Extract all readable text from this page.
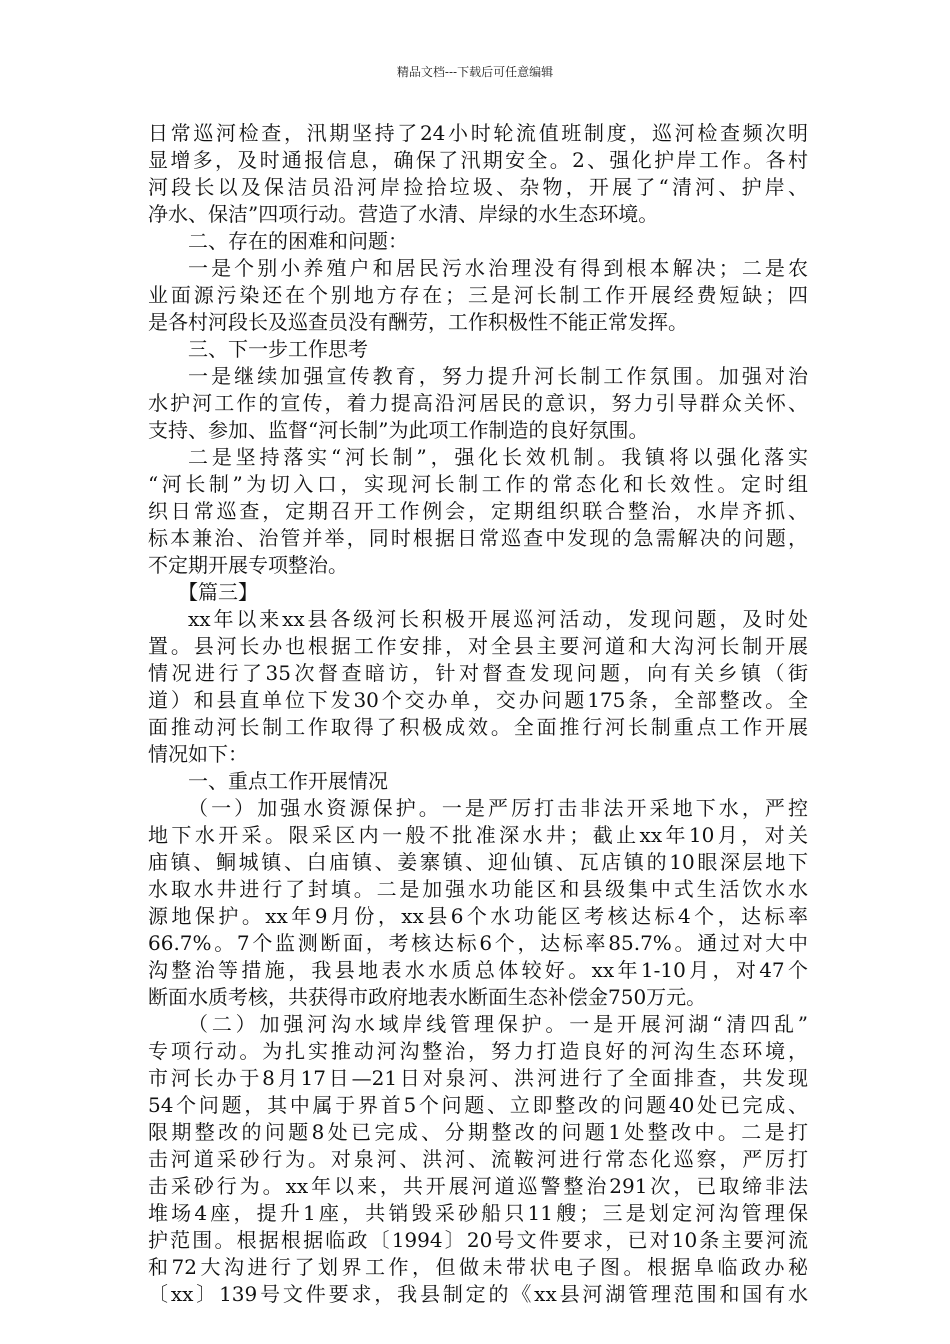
精品文档---下载后可任意编辑
日常巡河检查，汛期坚持了24小时轮流值班制度，巡河检查频次明
显增多，及时通报信息，确保了汛期安全。2、强化护岸工作。各村
河段长以及保洁员沿河岸捡拾垃圾、杂物，开展了“清河、护岸、
净水、保洁”四项行动。营造了水清、岸绿的水生态环境。
二、存在的困难和问题：
一是个别小养殖户和居民污水治理没有得到根本解决；二是农
业面源污染还在个别地方存在；三是河长制工作开展经费短缺；四
是各村河段长及巡查员没有酬劳，工作积极性不能正常发挥。
三、下一步工作思考
一是继续加强宣传教育，努力提升河长制工作氛围。加强对治
水护河工作的宣传，着力提高沿河居民的意识，努力引导群众关怀、
支持、参加、监督“河长制”为此项工作制造的良好氛围。
二是坚持落实“河长制”，强化长效机制。我镇将以强化落实
“河长制”为切入口，实现河长制工作的常态化和长效性。定时组
织日常巡查，定期召开工作例会，定期组织联合整治，水岸齐抓、
标本兼治、治管并举，同时根据日常巡查中发现的急需解决的问题，
不定期开展专项整治。
【篇三】
xx年以来xx县各级河长积极开展巡河活动，发现问题，及时处
置。县河长办也根据工作安排，对全县主要河道和大沟河长制开展
情况进行了35次督查暗访，针对督查发现问题，向有关乡镇（街
道）和县直单位下发30个交办单，交办问题175条，全部整改。全
面推动河长制工作取得了积极成效。全面推行河长制重点工作开展
情况如下：
一、重点工作开展情况
（一）加强水资源保护。一是严厉打击非法开采地下水，严控
地下水开采。限采区内一般不批准深水井；截止xx年10月，对关
庙镇、鲖城镇、白庙镇、姜寨镇、迎仙镇、瓦店镇的10眼深层地下
水取水井进行了封填。二是加强水功能区和县级集中式生活饮水水
源地保护。xx年9月份，xx县6个水功能区考核达标4个，达标率
66.7%。7个监测断面，考核达标6个，达标率85.7%。通过对大中
沟整治等措施，我县地表水水质总体较好。xx年1-10月，对47个
断面水质考核，共获得市政府地表水断面生态补偿金750万元。
（二）加强河沟水域岸线管理保护。一是开展河湖“清四乱”
专项行动。为扎实推动河沟整治，努力打造良好的河沟生态环境，
市河长办于8月17日—21日对泉河、洪河进行了全面排查，共发现
54个问题，其中属于界首5个问题、立即整改的问题40处已完成、
限期整改的问题8处已完成、分期整改的问题1处整改中。二是打
击河道采砂行为。对泉河、洪河、流鞍河进行常态化巡察，严厉打
击采砂行为。xx年以来，共开展河道巡警整治291次，已取缔非法
堆场4座，提升1座，共销毁采砂船只11艘；三是划定河沟管理保
护范围。根据根据临政〔1994〕20号文件要求，已对10条主要河流
和72大沟进行了划界工作，但做未带状电子图。根据阜临政办秘
〔xx〕139号文件要求，我县制定的《xx县河湖管理范围和国有水
